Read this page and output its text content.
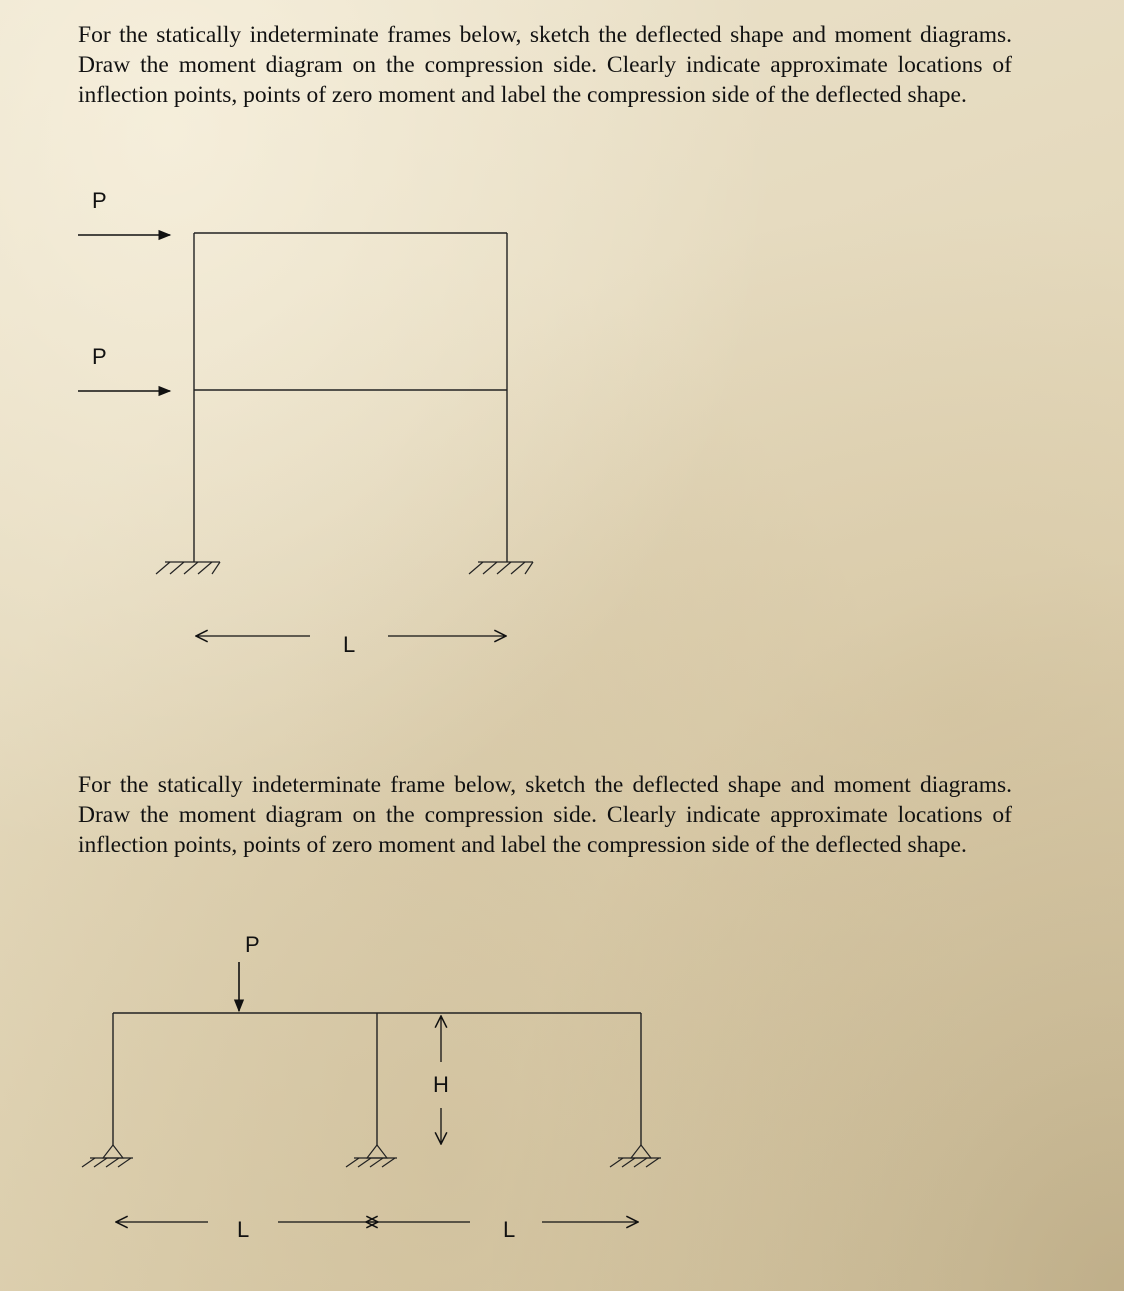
For the statically indeterminate frames below, sketch the deflected shape and moment diagrams. Draw the moment diagram on the compression side. Clearly indicate approximate locations of inflection points, points of zero moment and label the compression side of the deflected shape.
For the statically indeterminate frame below, sketch the deflected shape and moment diagrams. Draw the moment diagram on the compression side. Clearly indicate approximate locations of inflection points, points of zero moment and label the compression side of the deflected shape.
P
P
L
P
H
L	L
